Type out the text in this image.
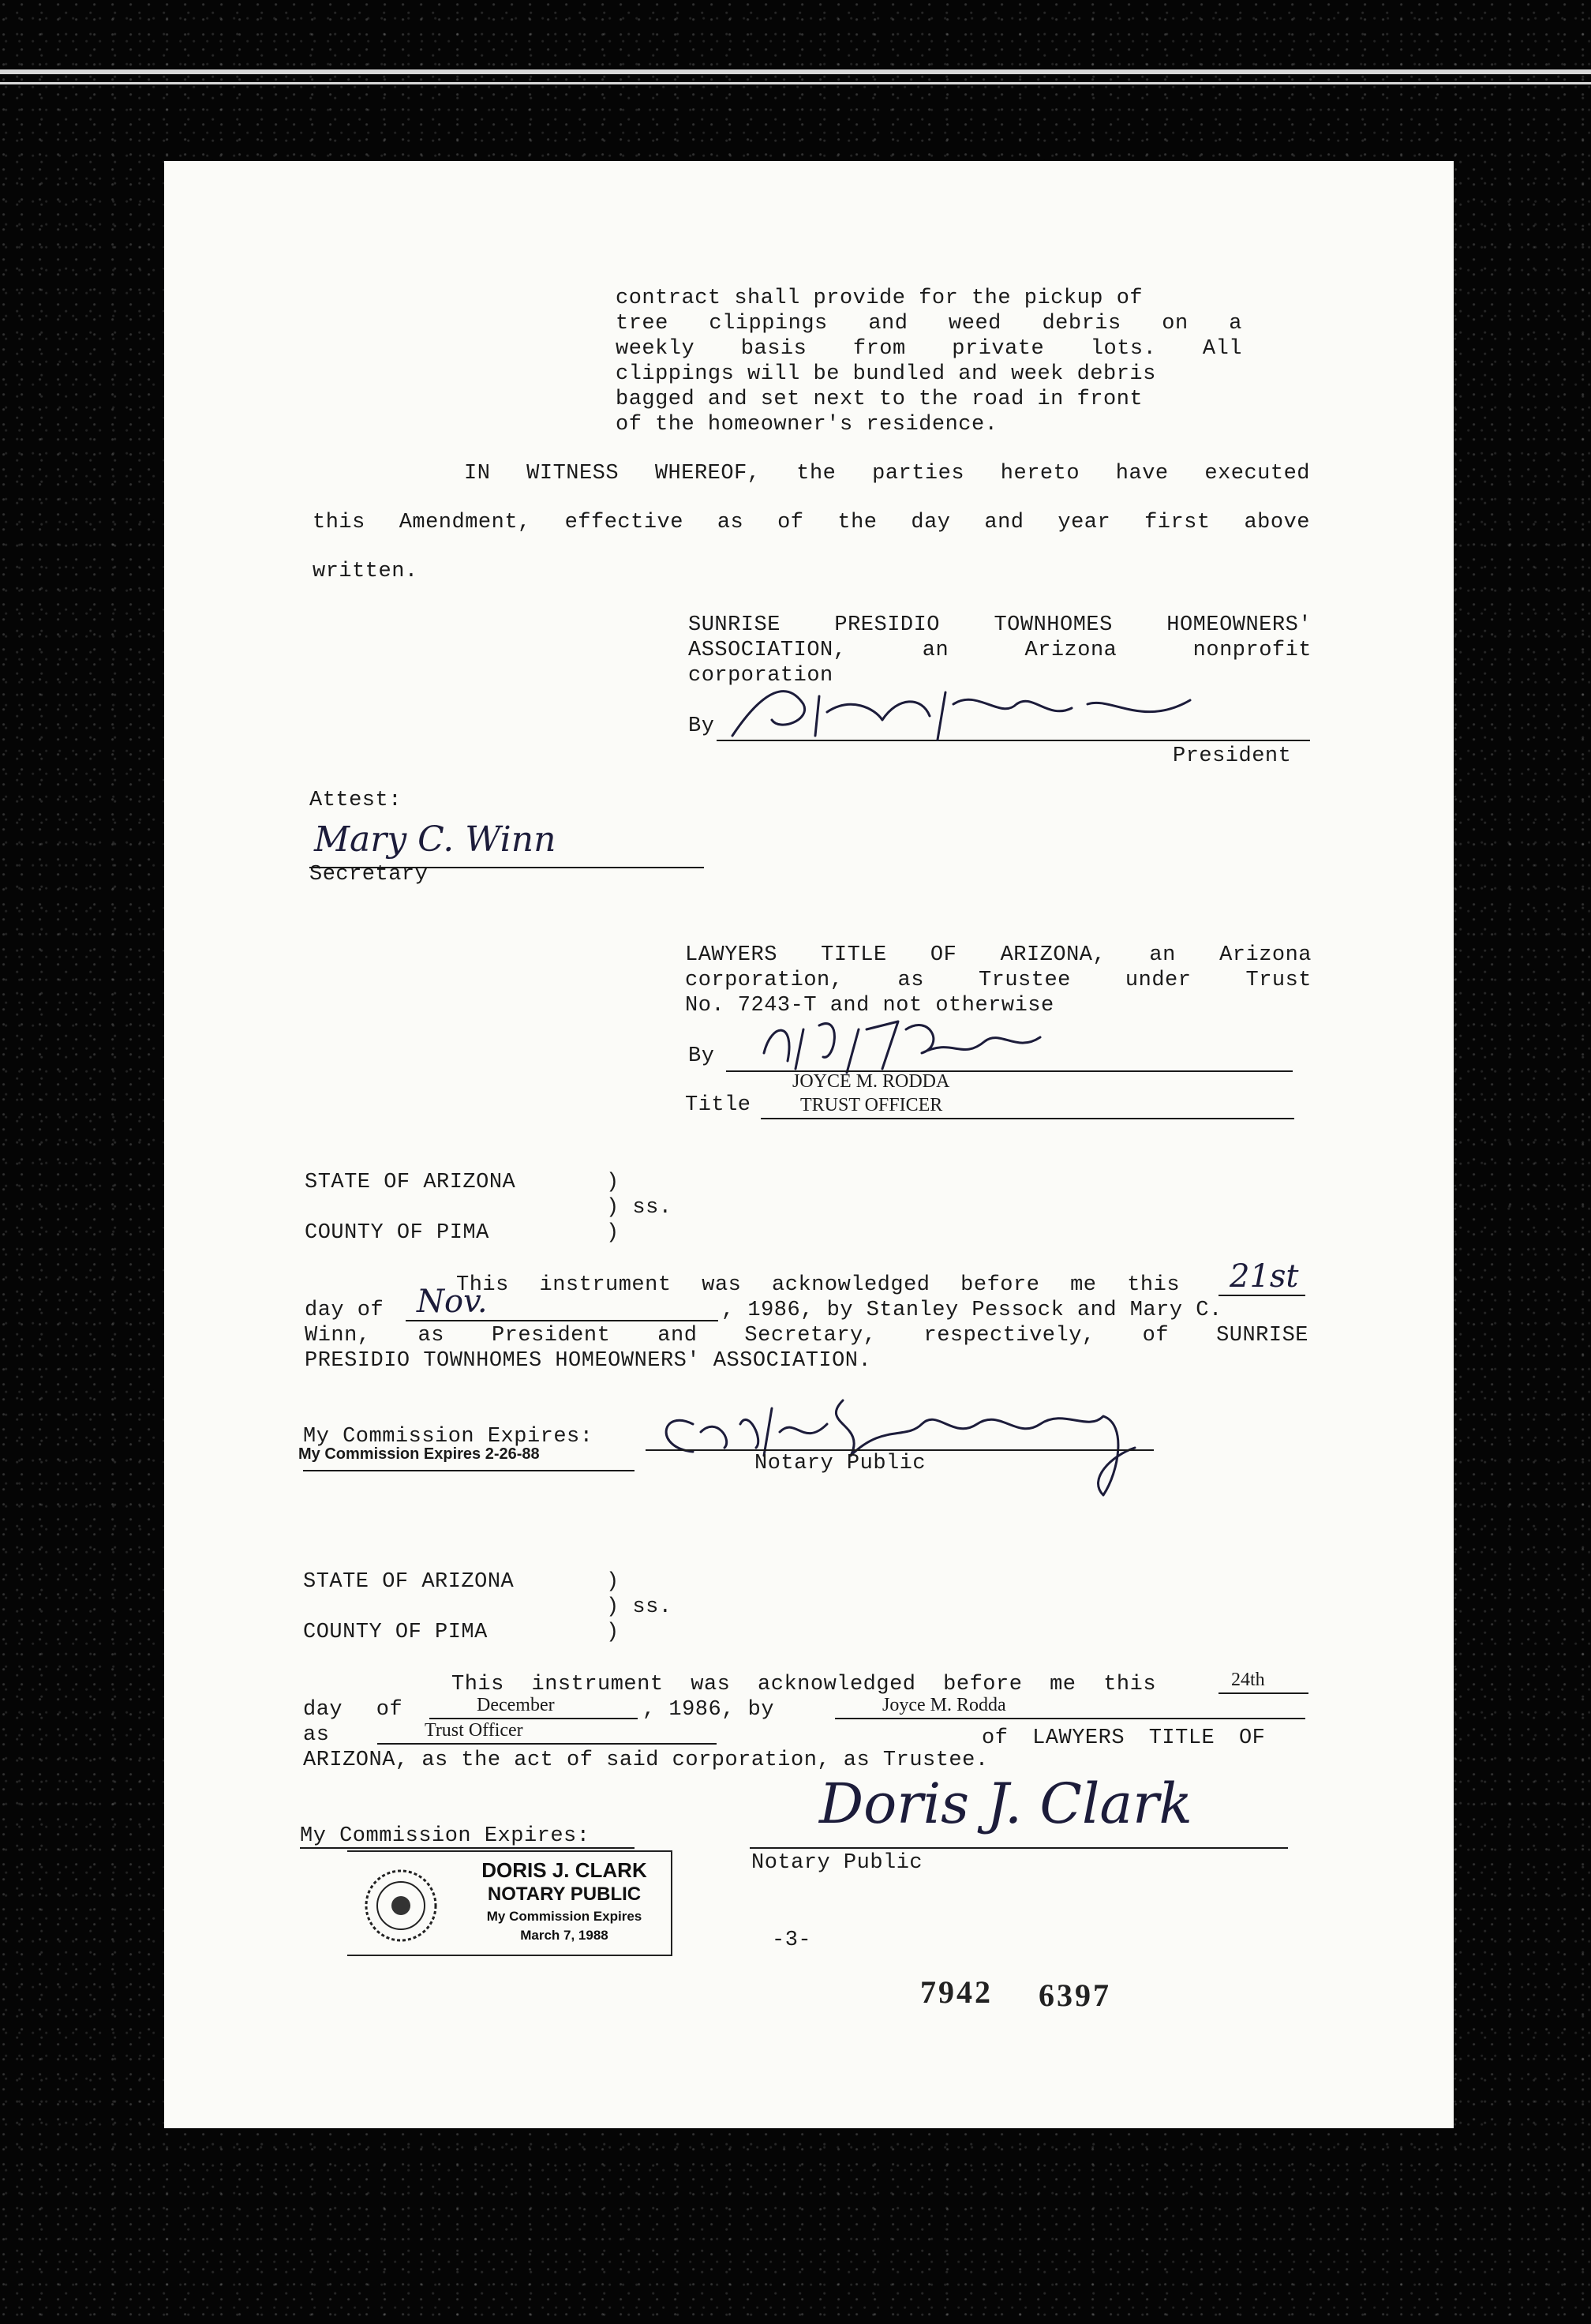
contract shall provide for the pickup of
tree clippings and weed debris on a
weekly basis from private lots. All
clippings will be bundled and week debris
bagged and set next to the road in front
of the homeowner's residence.
IN WITNESS WHEREOF, the parties hereto have executed
this Amendment, effective as of the day and year first above
written.
SUNRISE PRESIDIO TOWNHOMES HOMEOWNERS'
ASSOCIATION, an Arizona nonprofit
corporation
By
President
Attest:
Mary C. Winn
Secretary
LAWYERS TITLE OF ARIZONA, an Arizona
corporation, as Trustee under Trust
No. 7243-T and not otherwise
By
JOYCE M. RODDA
Title	TRUST OFFICER
STATE OF ARIZONA	)
) ss.
COUNTY OF PIMA	)
This instrument was acknowledged before me this 21st
day of Nov.	, 1986, by Stanley Pessock and Mary C.
Winn, as President and Secretary, respectively, of SUNRISE
PRESIDIO TOWNHOMES HOMEOWNERS' ASSOCIATION.
My Commission Expires:
My Commission Expires 2-26-88	Notary Public
STATE OF ARIZONA	)
) ss.
COUNTY OF PIMA	)
This instrument was acknowledged before me this	24th
day of	December	, 1986, by	Joyce M. Rodda
as	Trust Officer	of LAWYERS TITLE OF
ARIZONA, as the act of said corporation, as Trustee.
My Commission Expires:	Doris J. Clark
Notary Public
-3-
7942 6397
DORIS J. CLARK
NOTARY PUBLIC
My Commission Expires
March 7, 1988
